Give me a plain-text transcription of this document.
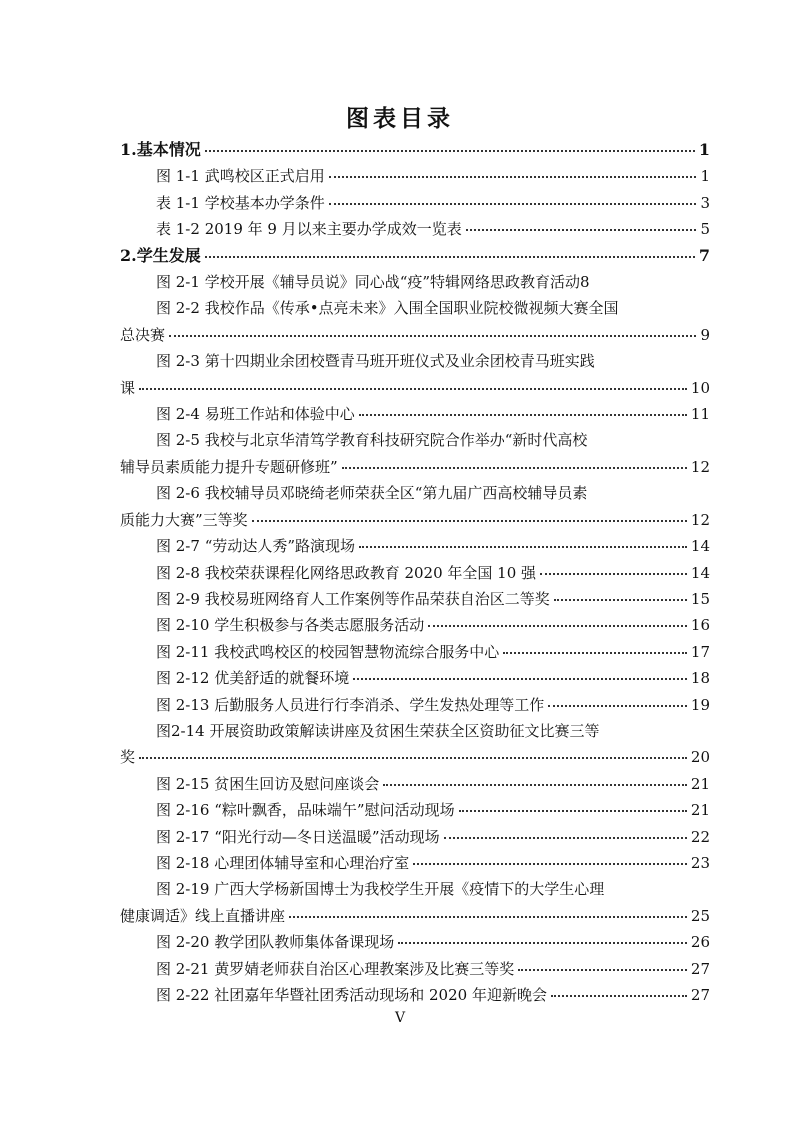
图表目录
1.基本情况	1
图 1-1 武鸣校区正式启用	1
表 1-1 学校基本办学条件	3
表 1-2 2019 年 9 月以来主要办学成效一览表	5
2.学生发展	7
图 2-1 学校开展《辅导员说》同心战“疫”特辑网络思政教育活动 8
图 2-2 我校作品《传承•点亮未来》入围全国职业院校微视频大赛全国
总决赛	9
图 2-3 第十四期业余团校暨青马班开班仪式及业余团校青马班实践
课	10
图 2-4 易班工作站和体验中心	11
图 2-5 我校与北京华清笃学教育科技研究院合作举办“新时代高校
辅导员素质能力提升专题研修班”	12
图 2-6 我校辅导员邓晓绮老师荣获全区“第九届广西高校辅导员素
质能力大赛”三等奖	12
图 2-7 “劳动达人秀”路演现场	14
图 2-8 我校荣获课程化网络思政教育 2020 年全国 10 强	14
图 2-9 我校易班网络育人工作案例等作品荣获自治区二等奖	15
图 2-10 学生积极参与各类志愿服务活动	16
图 2-11 我校武鸣校区的校园智慧物流综合服务中心	17
图 2-12 优美舒适的就餐环境	18
图 2-13 后勤服务人员进行行李消杀、学生发热处理等工作	19
图2-14 开展资助政策解读讲座及贫困生荣获全区资助征文比赛三等
奖	20
图 2-15 贫困生回访及慰问座谈会	21
图 2-16 “粽叶飘香，品味端午”慰问活动现场	21
图 2-17 “阳光行动—冬日送温暖”活动现场	22
图 2-18 心理团体辅导室和心理治疗室	23
图 2-19 广西大学杨新国博士为我校学生开展《疫情下的大学生心理
健康调适》线上直播讲座	25
图 2-20 教学团队教师集体备课现场	26
图 2-21 黄罗婧老师获自治区心理教案涉及比赛三等奖	27
图 2-22 社团嘉年华暨社团秀活动现场和 2020 年迎新晚会	27
V
